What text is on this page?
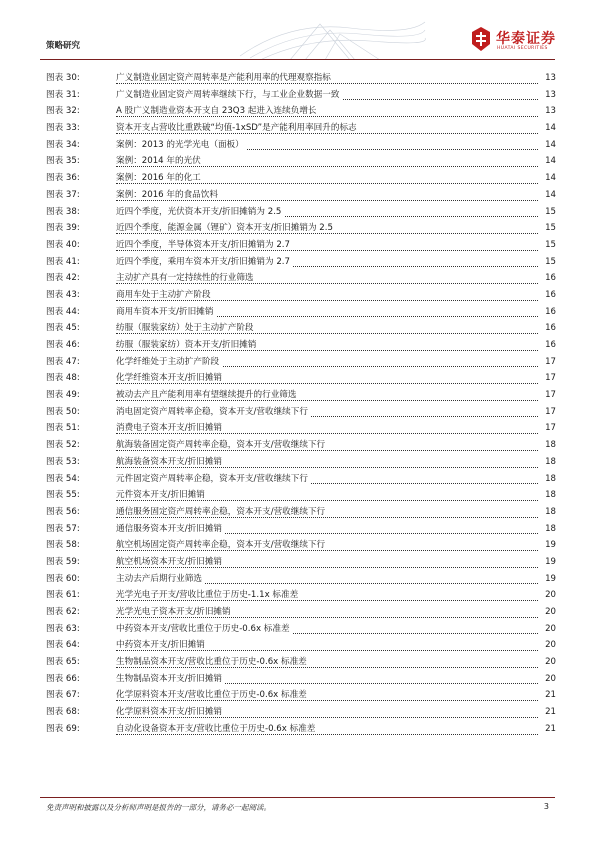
策略研究	华泰证券
HUATAI SECURITIES
图表 30:	广义制造业固定资产周转率是产能利用率的代理观察指标	13
图表 31:	广义制造业固定资产周转率继续下行，与工业企业数据一致	13
图表 32:	A 股广义制造业资本开支自 23Q3 起进入连续负增长	13
图表 33:	资本开支占营收比重跌破“均值-1xSD”是产能利用率回升的标志	14
图表 34:	案例：2013 的光学光电（面板）	14
图表 35:	案例：2014 年的光伏	14
图表 36:	案例：2016 年的化工	14
图表 37:	案例：2016 年的食品饮料	14
图表 38:	近四个季度，光伏资本开支/折旧摊销为 2.5	15
图表 39:	近四个季度，能源金属（锂矿）资本开支/折旧摊销为 2.5	15
图表 40:	近四个季度，半导体资本开支/折旧摊销为 2.7	15
图表 41:	近四个季度，乘用车资本开支/折旧摊销为 2.7	15
图表 42:	主动扩产具有一定持续性的行业筛选	16
图表 43:	商用车处于主动扩产阶段	16
图表 44:	商用车资本开支/折旧摊销	16
图表 45:	纺服（服装家纺）处于主动扩产阶段	16
图表 46:	纺服（服装家纺）资本开支/折旧摊销	16
图表 47:	化学纤维处于主动扩产阶段	17
图表 48:	化学纤维资本开支/折旧摊销	17
图表 49:	被动去产且产能利用率有望继续提升的行业筛选	17
图表 50:	消电固定资产周转率企稳，资本开支/营收继续下行	17
图表 51:	消费电子资本开支/折旧摊销	17
图表 52:	航海装备固定资产周转率企稳，资本开支/营收继续下行	18
图表 53:	航海装备资本开支/折旧摊销	18
图表 54:	元件固定资产周转率企稳，资本开支/营收继续下行	18
图表 55:	元件资本开支/折旧摊销	18
图表 56:	通信服务固定资产周转率企稳，资本开支/营收继续下行	18
图表 57:	通信服务资本开支/折旧摊销	18
图表 58:	航空机场固定资产周转率企稳，资本开支/营收继续下行	19
图表 59:	航空机场资本开支/折旧摊销	19
图表 60:	主动去产后期行业筛选	19
图表 61:	光学光电子开支/营收比重位于历史-1.1x 标准差	20
图表 62:	光学光电子资本开支/折旧摊销	20
图表 63:	中药资本开支/营收比重位于历史-0.6x 标准差	20
图表 64:	中药资本开支/折旧摊销	20
图表 65:	生物制品资本开支/营收比重位于历史-0.6x 标准差	20
图表 66:	生物制品资本开支/折旧摊销	20
图表 67:	化学原料资本开支/营收比重位于历史-0.6x 标准差	21
图表 68:	化学原料资本开支/折旧摊销	21
图表 69:	自动化设备资本开支/营收比重位于历史-0.6x 标准差	21
免责声明和披露以及分析师声明是报告的一部分，请务必一起阅读。	3
